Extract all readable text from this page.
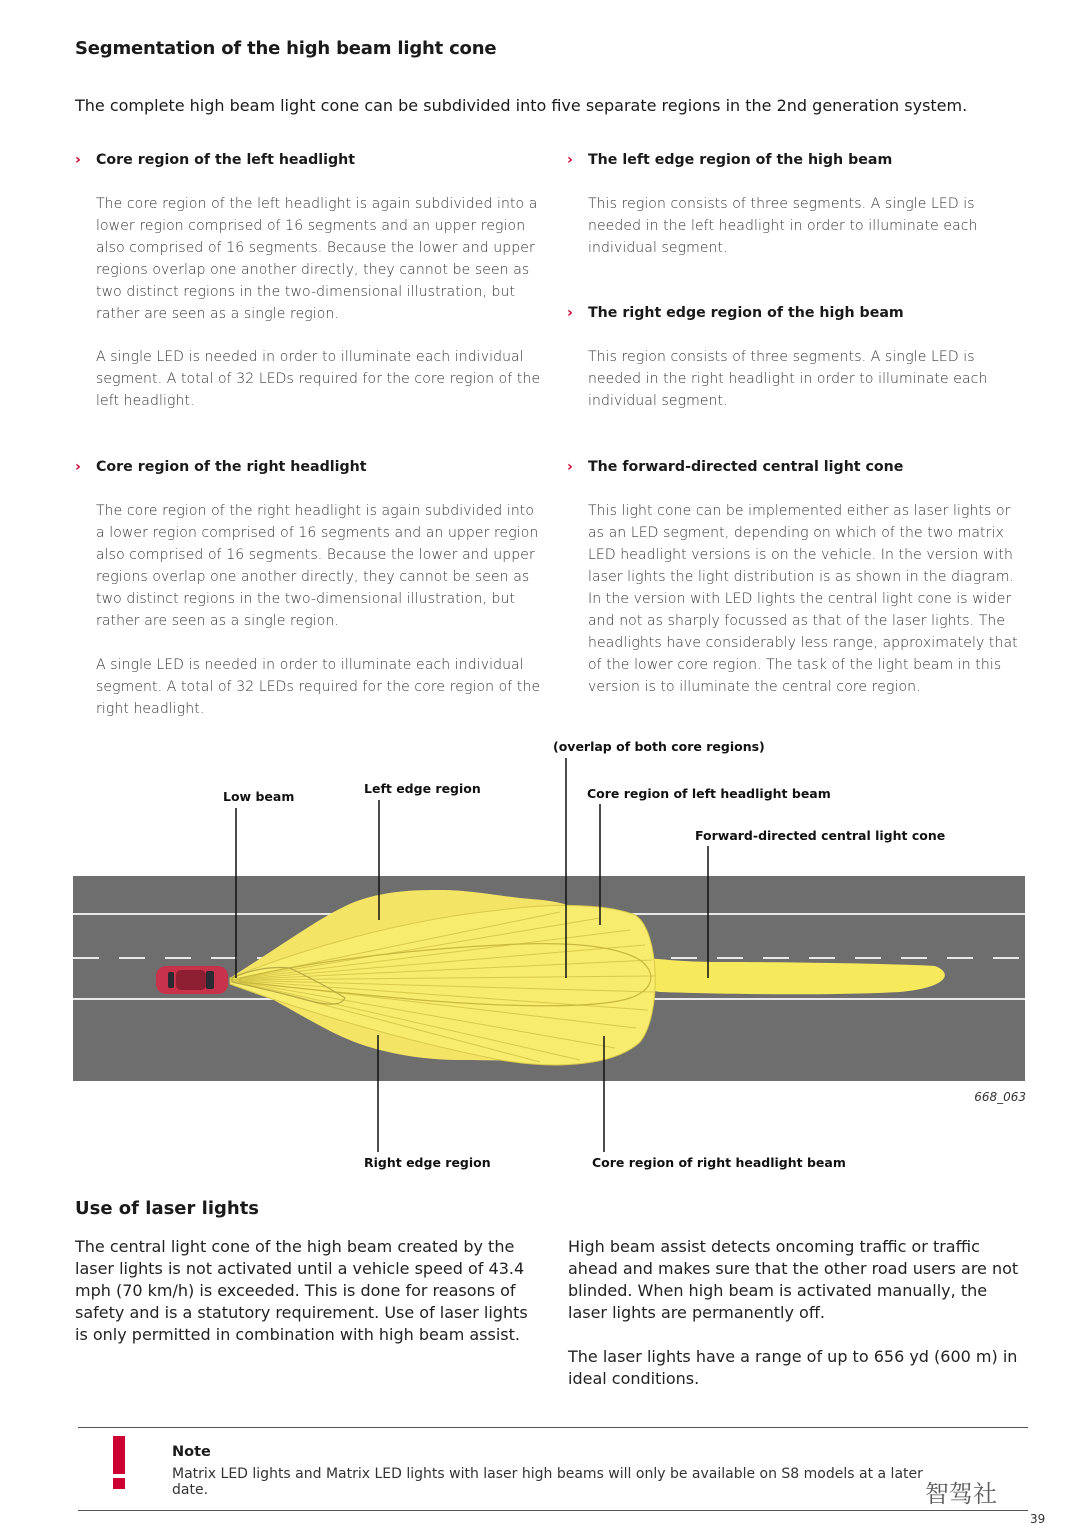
Segmentation of the high beam light cone
The complete high beam light cone can be subdivided into five separate regions in the 2nd generation system.
› Core region of the left headlight

The core region of the left headlight is again subdivided into a lower region comprised of 16 segments and an upper region also comprised of 16 segments. Because the lower and upper regions overlap one another directly, they cannot be seen as two distinct regions in the two-dimensional illustration, but rather are seen as a single region.

A single LED is needed in order to illuminate each individual segment. A total of 32 LEDs required for the core region of the left headlight.

› Core region of the right headlight

The core region of the right headlight is again subdivided into a lower region comprised of 16 segments and an upper region also comprised of 16 segments. Because the lower and upper regions overlap one another directly, they cannot be seen as two distinct regions in the two-dimensional illustration, but rather are seen as a single region.

A single LED is needed in order to illuminate each individual segment. A total of 32 LEDs required for the core region of the right headlight.

› The left edge region of the high beam

This region consists of three segments. A single LED is needed in the left headlight in order to illuminate each individual segment.

› The right edge region of the high beam

This region consists of three segments. A single LED is needed in the right headlight in order to illuminate each individual segment.

› The forward-directed central light cone

This light cone can be implemented either as laser lights or as an LED segment, depending on which of the two matrix LED headlight versions is on the vehicle. In the version with laser lights the light distribution is as shown in the diagram. In the version with LED lights the central light cone is wider and not as sharply focussed as that of the laser lights. The headlights have considerably less range, approximately that of the lower core region. The task of the light beam in this version is to illuminate the central core region.

(overlap of both core regions)
Low beam
Left edge region	Core region of left headlight beam
Forward-directed central light cone
Right edge region	Core region of right headlight beam
668_063
Use of laser lights

The central light cone of the high beam created by the laser lights is not activated until a vehicle speed of 43.4 mph (70 km/h) is exceeded. This is done for reasons of safety and is a statutory requirement. Use of laser lights is only permitted in combination with high beam assist.

High beam assist detects oncoming traffic or traffic ahead and makes sure that the other road users are not blinded. When high beam is activated manually, the laser lights are permanently off.

The laser lights have a range of up to 656 yd (600 m) in ideal conditions.

Note
Matrix LED lights and Matrix LED lights with laser high beams will only be available on S8 models at a later date.	智驾社
39
